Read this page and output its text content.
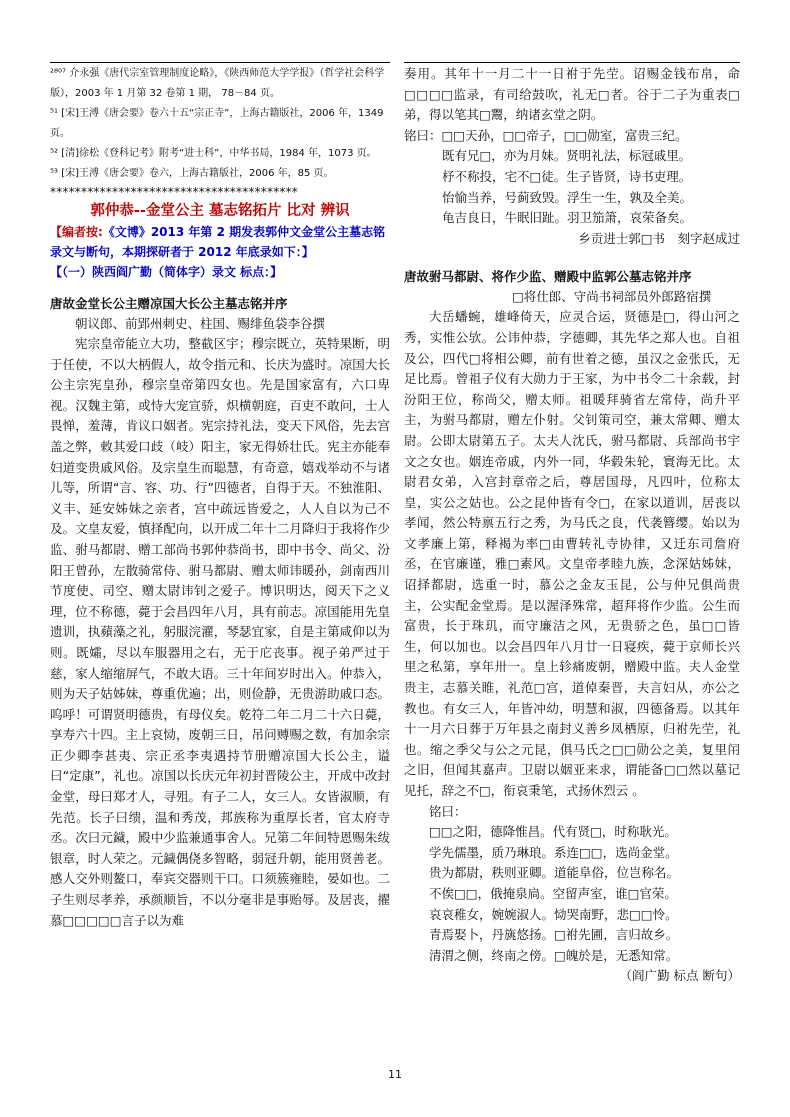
²⁸⁰⁷ 介永强《唐代宗室管理制度论略》，《陕西师范大学学报》（哲学社会科学版），2003 年 1 月第 32 卷第 1 期， 78－84 页。
⁵¹ [宋]王溥《唐会要》卷六十五“宗正寺”，上海古籍版社，2006 年，1349 页。
⁵² [清]徐松《登科记考》附考“进士科”，中华书局，1984 年，1073 页。
⁵³ [宋]王溥《唐会要》卷六，上海古籍版社，2006 年，85 页。
****************************************
郭仲恭--金堂公主 墓志铭拓片 比对 辨识
【编者按:《文博》2013 年第 2 期发表郭仲文金堂公主墓志铭录文与断句，本期探研者于 2012 年底录如下：】
【（一）陕西阎广勤（简体字）录文 标点：】
唐故金堂长公主赠凉国大长公主墓志铭并序
朝议郎、前郢州刺史、柱国、赐绯鱼袋李谷撰
宪宗皇帝能立大功，整截区宇；穆宗既立，英特果断，明于任使，不以大柄假人，故令指元和、长庆为盛时。凉国大长公主宗宪皇孙，穆宗皇帝第四女也。先是国家富有，六口卑视。汉魏主第，或恃大宠宣骄，炽横朝庭，百吏不敢问，士人畏惮，羞薄，肯议口姻者。宪宗持礼法，变天下风俗，先去宫盖之弊，敕其爱口歧（岐）阳主，家无得娇壮氏。宪主亦能奉妇道变贵戚风俗。及宗皇生而聪慧，有奇意，嬉戏举动不与诸儿等，所谓“言、容、功、行”四德者，自得于天。不独淮阳、义丰、延安姊妹之亲者，宫中疏远皆爱之，人人自以为己不及。文皇友爱，慎择配向，以开成二年十二月降归于我将作少监、驸马都尉、赠工部尚书郭仲恭尚书，即中书令、尚父、汾阳王曾孙，左散骑常侍、驸马都尉、赠太师讳暖孙，剑南西川节度使、司空、赠太尉讳钊之爱子。博识明达，阅天下之义理，位不称德，薨于会昌四年八月，具有前志。凉国能用先皇遗训，执蘋藻之礼，躬服浣濯，琴瑟宜家，自是主第咸仰以为则。既孀，尽以车服器用之右，无于庀丧事。视子弟严过于慈，家人缩缩屏气，不敢大语。三十年间岁时出入。仲恭入，则为天子姑姊妹，尊重优遍；出，则俭静，无贵游助戚口态。呜呼！可谓贤明德贵，有母仪矣。乾符二年二月二十六日薨，享寿六十四。主上哀恸，废朝三日，吊问赙赐之数，有加余宗正少卿李甚夷、宗正丞李夷遇持节册赠凉国大长公主，谥曰“定康”，礼也。凉国以长庆元年初封晋陵公主，开成中改封金堂，母曰郑才人，寻殂。有子二人，女三人。女皆淑顺，有先范。长子曰缋，温和秀茂，邦族称为重厚长者，官太府寺丞。次曰元鐬，殿中少监兼通事舍人。兄第二年间特恩赐朱绂银章，时人荣之。元鐬偶侥多智略，弱冠升朝，能用贤善老。感人交外则鳌口，奉宾交器则干口。口须簇雍睦，晏如也。二子生则尽孝养，承颜顺旨，不以分毫非是事贻辱。及居丧，擢慕□□□□□言子以为难
奏用。其年十一月二十一日祔于先茔。诏赐金钱布帛，命□□□□监录，有司给鼓吹，礼无□者。谷于二子为重表□弟，得以笔其□鬻，纳诸玄堂之阴。
铭曰：□□天孙，□□帝子，□□勋室，富贵三纪。
既有兄□，亦为月妹。贤明礼法，标冠戚里。
杼不称投，宅不□徒。生子皆贤，诗书吏理。
怡愉当养，号蓟致毁。浮生一生，孰及全美。
龟吉良日，牛眠旧趾。羽卫笳箫，哀荣备矣。
乡贡进士郭□书　刻字赵成过
唐故驸马都尉、将作少监、赠殿中监郭公墓志铭并序
□将仕郎、守尚书祠部员外郎路宿撰
大岳蟠蜿，雄峰倚天，应灵合运，贤德是□，得山河之秀，实惟公欤。公讳仲恭，字德卿，其先华之郑人也。自祖及公，四代□将相公卿，前有世着之德，虽汉之金张氏，无足比焉。曾祖子仪有大勋力于王家，为中书令二十余载，封汾阳王位，称尚父，赠太师。祖暖拜骑省左常侍，尚升平主，为驸马都尉，赠左仆射。父钊策司空，兼太常卿、赠太尉。公即太尉第五子。太夫人沈氏，驸马都尉、兵部尚书宇文之女也。姻连帝戚，内外一同，华毂朱轮，寰海无比。太尉君女弟，入宫封章帝之后，尊居国母，凡四叶，位称太皇，实公之姑也。公之昆仲皆有令□，在家以道训，居丧以孝闻，然公特禀五行之秀，为马氏之良，代袭簪缨。始以为文孝廉上第，释褐为率□由曹转礼寺协律，又迁东司詹府丞，在官廉谨，雅□素风。文皇帝孝睦九族，念深姑姊妹，诏择都尉，选重一时，慕公之金友玉昆，公与仲兄俱尚贵主，公实配金堂焉。是以渥泽殊常，超拜将作少监。公生而富贵，长于珠玑，而守廉洁之风，无贵骄之色，虽□□皆生，何以加也。以会昌四年八月廿一日寝疾，薨于京师长兴里之私第，享年卅一。皇上轸痛废朝，赠殿中监。夫人金堂贵主，志慕关睢，礼范□宫，道倬秦晋，夫言妇从，亦公之教也。有女三人，年皆冲幼，明慧和淑，四德备焉。以其年十一月六日葬于万年县之南封义善乡凤栖原，归祔先茔，礼也。缩之季父与公之元昆，俱马氏之□□勋公之美，复里闬之旧，但闻其嘉声。卫尉以姻亚来求，谓能备□□然以墓记见托，辞之不□，衔哀秉笔，式扬休烈云 。
铭曰：
□□之阳，德降惟昌。代有贤□，时称耿光。
学先儒墨，质乃琳琅。系连□□，选尚金堂。
贵为都尉，秩则亚卿。道能阜俗，位岂称名。
不俟□□，俄掩泉扃。空留声室，谁□官荣。
哀哀稚女，婉婉淑人。恸哭南野，悲□□怜。
青焉娶卜，丹旐悠扬。□祔先圃，言归故乡。
清渭之侧，终南之傍。□魄於是，无悉知常。
（阎广勤 标点 断句）
11
